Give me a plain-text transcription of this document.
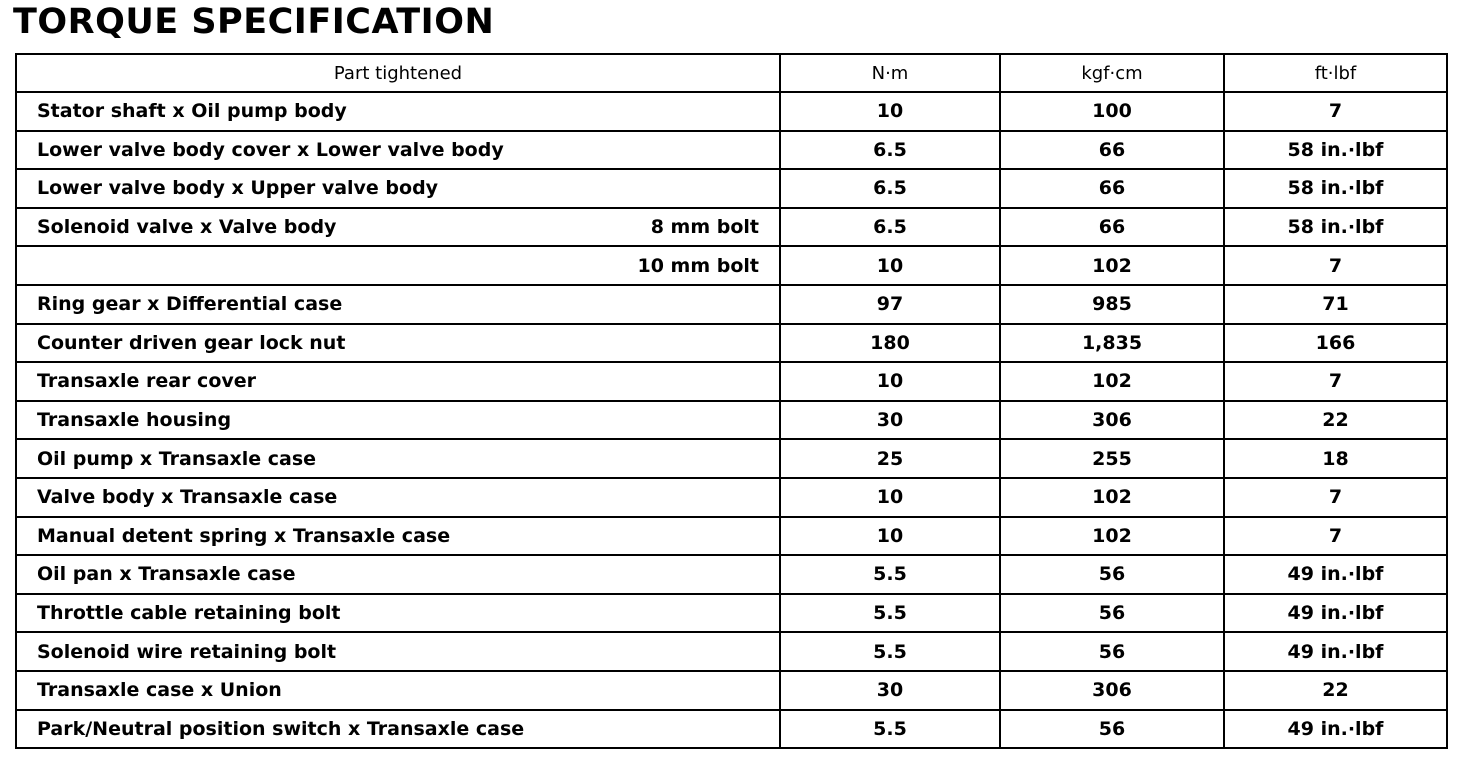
TORQUE SPECIFICATION
Part tightened	N·m	kgf·cm	ft·lbf

Stator shaft x Oil pump body	10	100	7

Lower valve body cover x Lower valve body	6.5	66	58 in.·lbf

Lower valve body x Upper valve body	6.5	66	58 in.·lbf

Solenoid valve x Valve body 8 mm bolt	6.5	66	58 in.·lbf

10 mm bolt	10	102	7

Ring gear x Differential case	97	985	71

Counter driven gear lock nut	180	1,835	166

Transaxle rear cover	10	102	7

Transaxle housing	30	306	22

Oil pump x Transaxle case	25	255	18

Valve body x Transaxle case	10	102	7

Manual detent spring x Transaxle case	10	102	7

Oil pan x Transaxle case	5.5	56	49 in.·lbf

Throttle cable retaining bolt	5.5	56	49 in.·lbf

Solenoid wire retaining bolt	5.5	56	49 in.·lbf

Transaxle case x Union	30	306	22

Park/Neutral position switch x Transaxle case	5.5	56	49 in.·lbf
